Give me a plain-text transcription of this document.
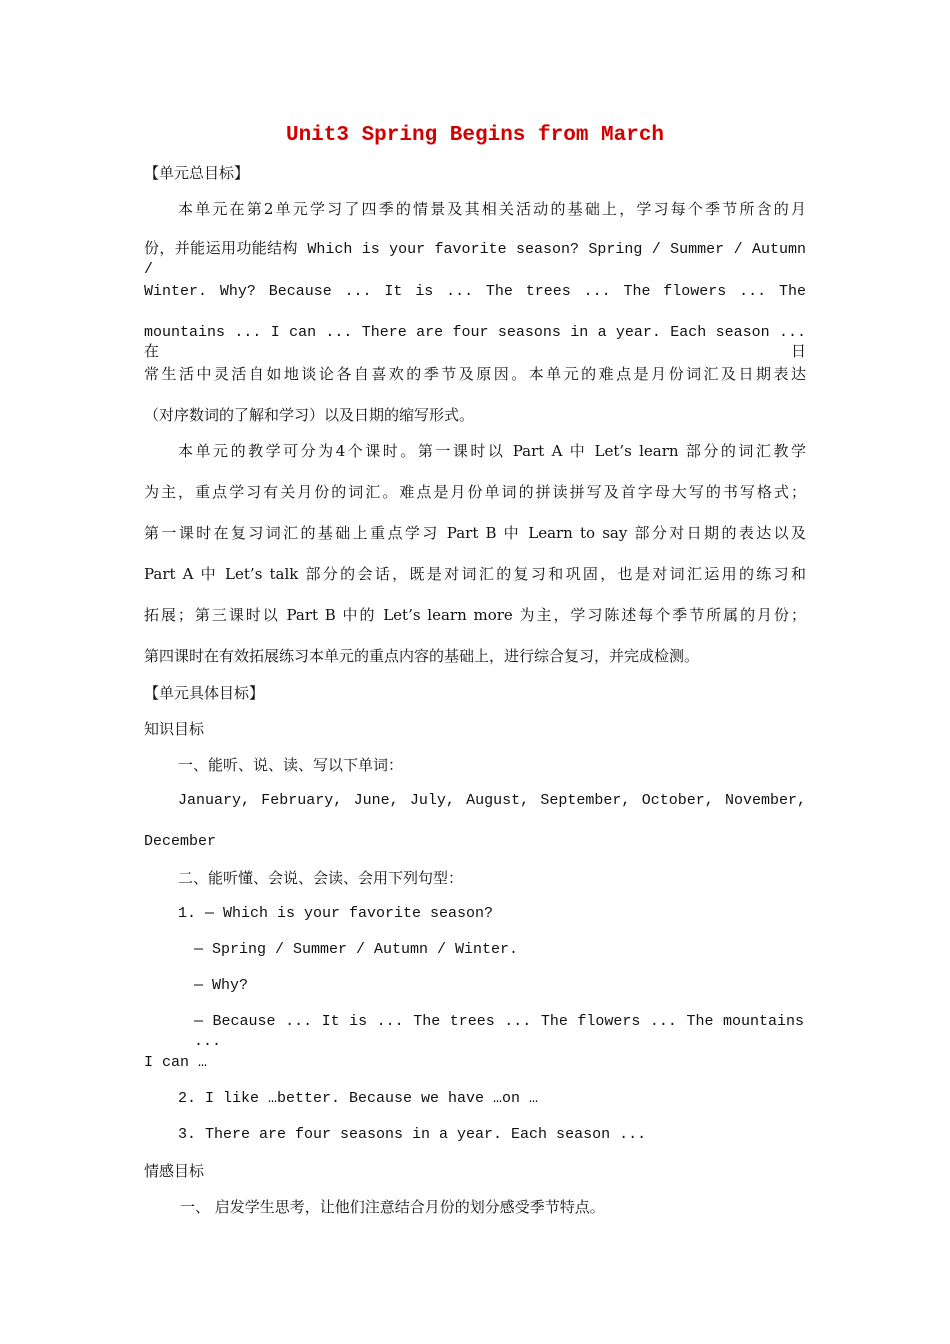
Unit3 Spring Begins from March
【单元总目标】
本单元在第2单元学习了四季的情景及其相关活动的基础上，学习每个季节所含的月
份，并能运用功能结构 Which is your favorite season? Spring / Summer / Autumn /
Winter. Why? Because ... It is ... The trees ... The flowers ... The
mountains ... I can ... There are four seasons in a year. Each season ... 在日
常生活中灵活自如地谈论各自喜欢的季节及原因。本单元的难点是月份词汇及日期表达
（对序数词的了解和学习）以及日期的缩写形式。
本单元的教学可分为4个课时。第一课时以 Part A 中 Let’s learn 部分的词汇教学
为主，重点学习有关月份的词汇。难点是月份单词的拼读拼写及首字母大写的书写格式；
第一课时在复习词汇的基础上重点学习 Part B 中 Learn to say 部分对日期的表达以及
Part A 中 Let’s talk 部分的会话，既是对词汇的复习和巩固，也是对词汇运用的练习和
拓展；第三课时以 Part B 中的 Let’s learn more 为主，学习陈述每个季节所属的月份；
第四课时在有效拓展练习本单元的重点内容的基础上，进行综合复习，并完成检测。
【单元具体目标】
知识目标
一、能听、说、读、写以下单词：
January, February, June, July, August, September, October, November,
December
二、能听懂、会说、会读、会用下列句型：
1. — Which is your favorite season?
— Spring / Summer / Autumn / Winter.
— Why?
— Because ... It is ... The trees ... The flowers ... The mountains ...
I can …
2. I like …better. Because we have …on …
3. There are four seasons in a year. Each season ...
情感目标
一、 启发学生思考，让他们注意结合月份的划分感受季节特点。
